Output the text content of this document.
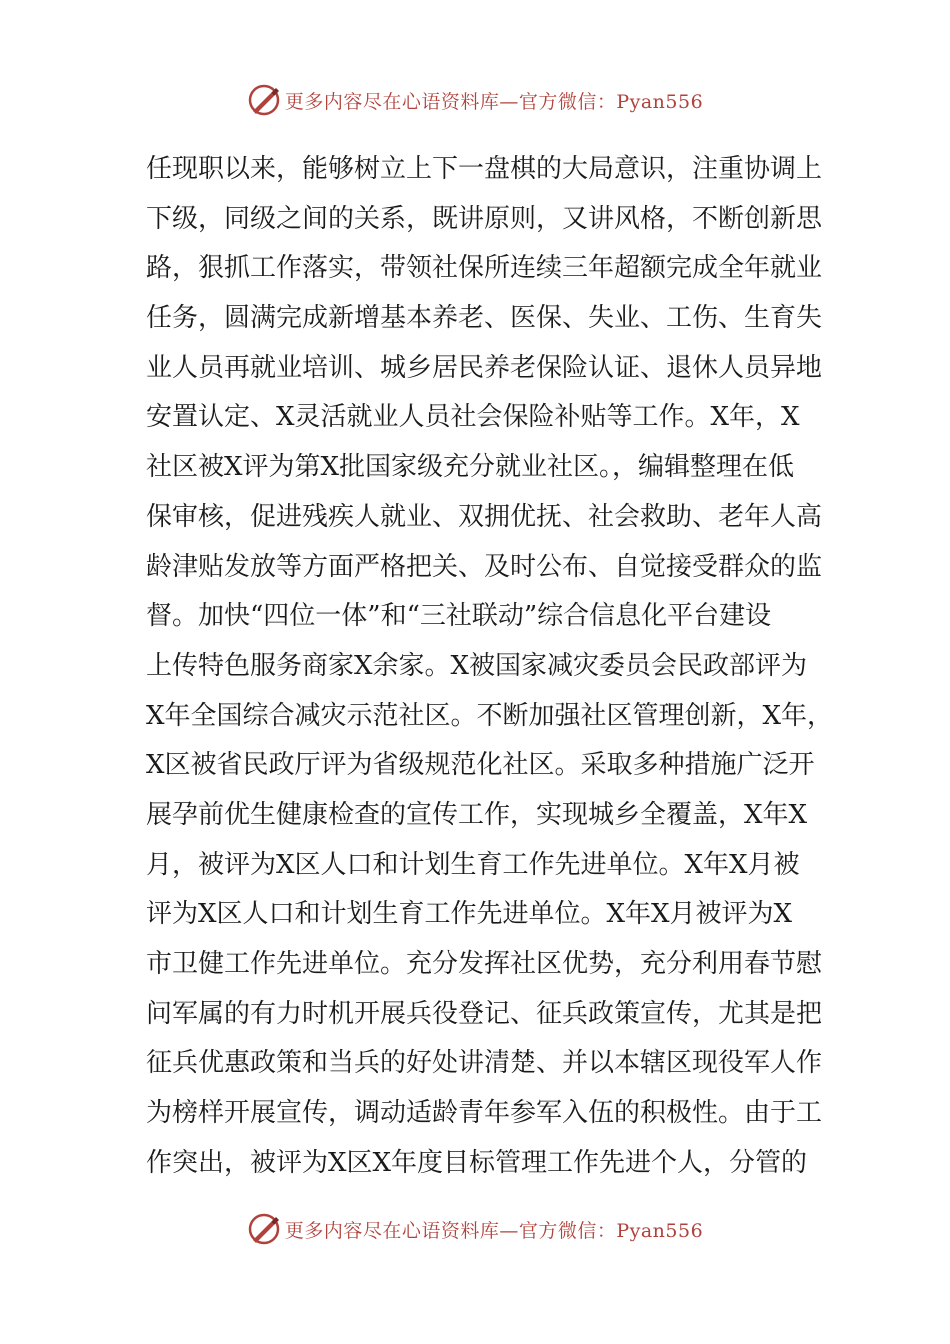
更多内容尽在心语资料库—官方微信：Pyan556
任现职以来，能够树立上下一盘棋的大局意识，注重协调上
下级，同级之间的关系，既讲原则，又讲风格，不断创新思
路，狠抓工作落实，带领社保所连续三年超额完成全年就业
任务，圆满完成新增基本养老、医保、失业、工伤、生育失
业人员再就业培训、城乡居民养老保险认证、退休人员异地
安置认定、X灵活就业人员社会保险补贴等工作。X年，X
社区被X评为第X批国家级充分就业社区。，编辑整理在低
保审核，促进残疾人就业、双拥优抚、社会救助、老年人高
龄津贴发放等方面严格把关、及时公布、自觉接受群众的监
督。加快“四位一体”和“三社联动”综合信息化平台建设
上传特色服务商家X余家。X被国家减灾委员会民政部评为
X年全国综合减灾示范社区。不断加强社区管理创新，X年，
X区被省民政厅评为省级规范化社区。采取多种措施广泛开
展孕前优生健康检查的宣传工作，实现城乡全覆盖，X年X
月，被评为X区人口和计划生育工作先进单位。X年X月被
评为X区人口和计划生育工作先进单位。X年X月被评为X
市卫健工作先进单位。充分发挥社区优势，充分利用春节慰
问军属的有力时机开展兵役登记、征兵政策宣传，尤其是把
征兵优惠政策和当兵的好处讲清楚、并以本辖区现役军人作
为榜样开展宣传，调动适龄青年参军入伍的积极性。由于工
作突出，被评为X区X年度目标管理工作先进个人，分管的
更多内容尽在心语资料库—官方微信：Pyan556
